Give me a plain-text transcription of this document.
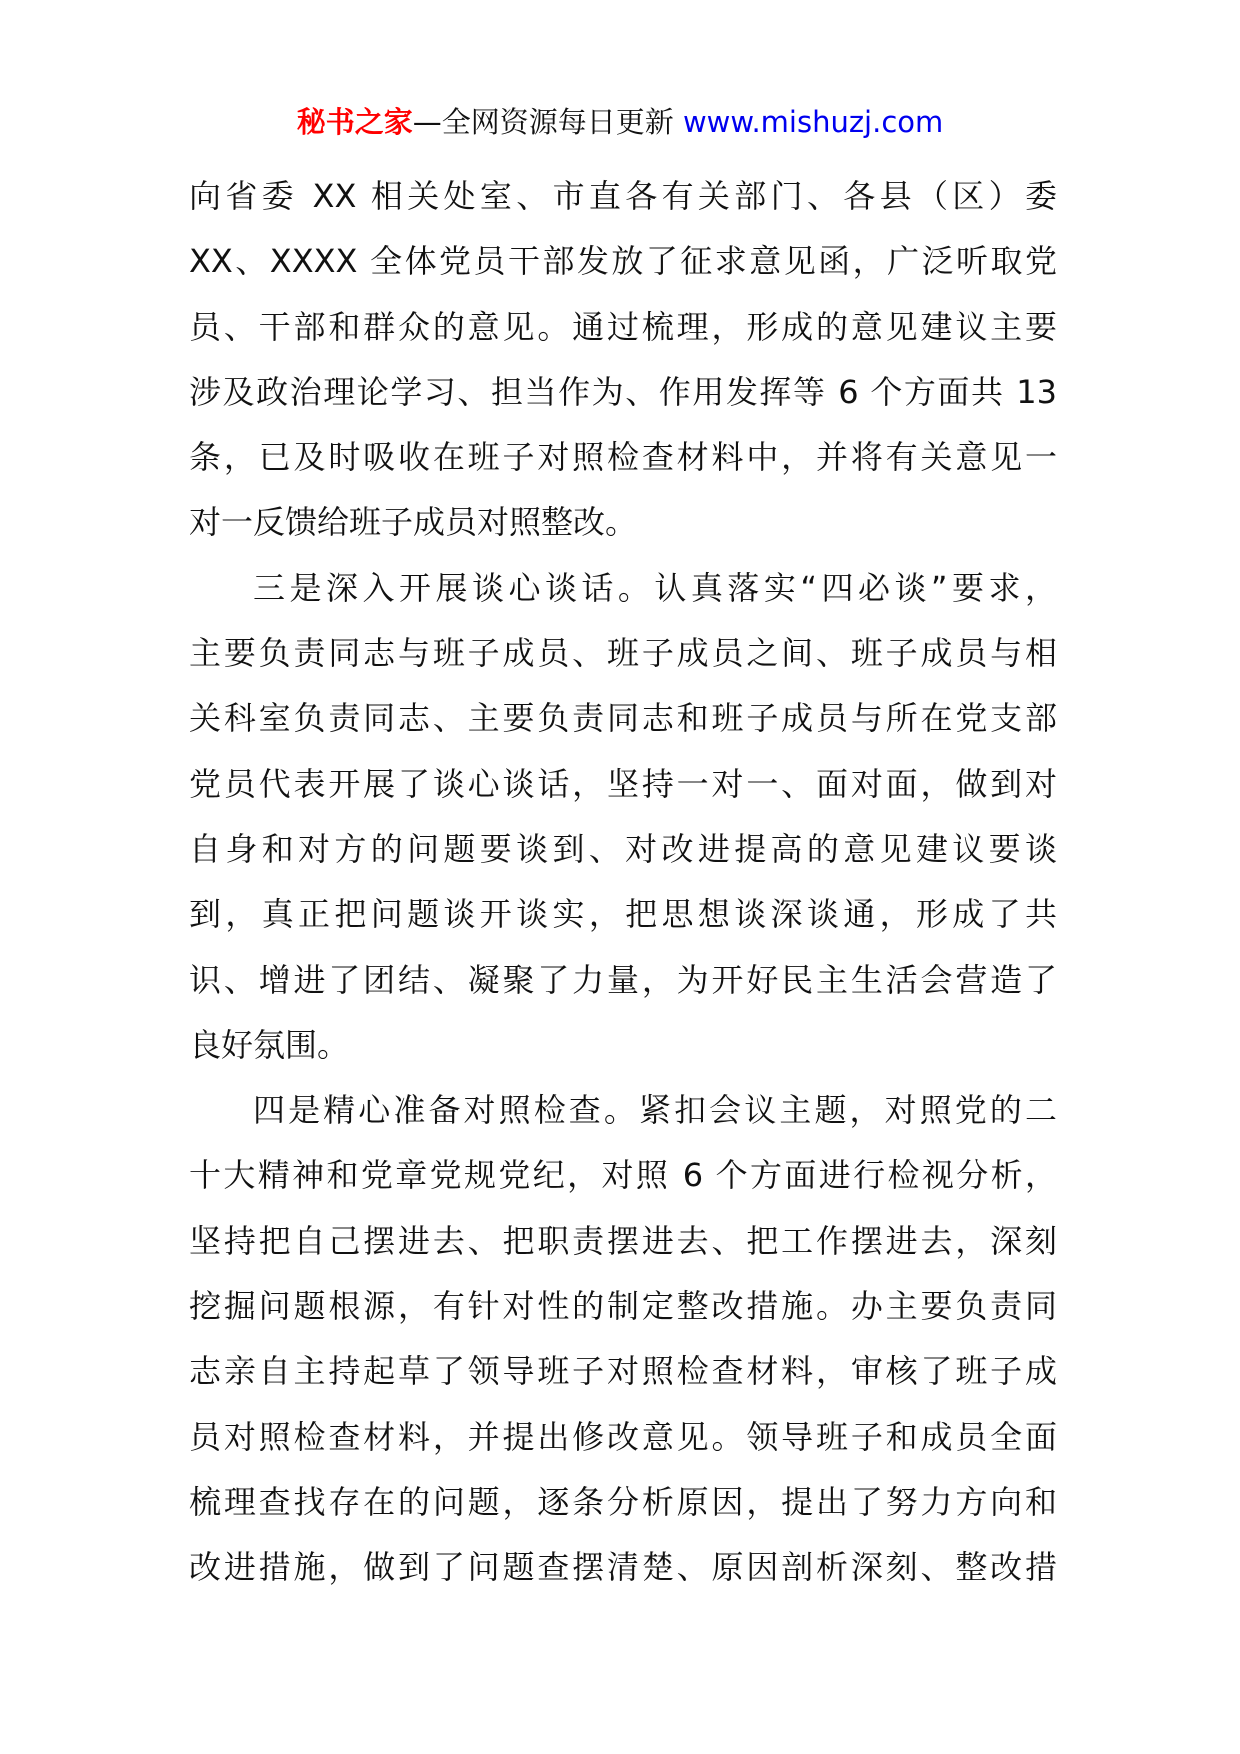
秘书之家—全网资源每日更新 www.mishuzj.com
向省委 XX 相关处室、市直各有关部门、各县（区）委
XX、XXXX 全体党员干部发放了征求意见函，广泛听取党
员、干部和群众的意见。通过梳理，形成的意见建议主要
涉及政治理论学习、担当作为、作用发挥等 6 个方面共 13
条，已及时吸收在班子对照检查材料中，并将有关意见一
对一反馈给班子成员对照整改。
三是深入开展谈心谈话。认真落实“四必谈”要求，
主要负责同志与班子成员、班子成员之间、班子成员与相
关科室负责同志、主要负责同志和班子成员与所在党支部
党员代表开展了谈心谈话，坚持一对一、面对面，做到对
自身和对方的问题要谈到、对改进提高的意见建议要谈
到，真正把问题谈开谈实，把思想谈深谈通，形成了共
识、增进了团结、凝聚了力量，为开好民主生活会营造了
良好氛围。
四是精心准备对照检查。紧扣会议主题，对照党的二
十大精神和党章党规党纪，对照 6 个方面进行检视分析，
坚持把自己摆进去、把职责摆进去、把工作摆进去，深刻
挖掘问题根源，有针对性的制定整改措施。办主要负责同
志亲自主持起草了领导班子对照检查材料，审核了班子成
员对照检查材料，并提出修改意见。领导班子和成员全面
梳理查找存在的问题，逐条分析原因，提出了努力方向和
改进措施，做到了问题查摆清楚、原因剖析深刻、整改措
